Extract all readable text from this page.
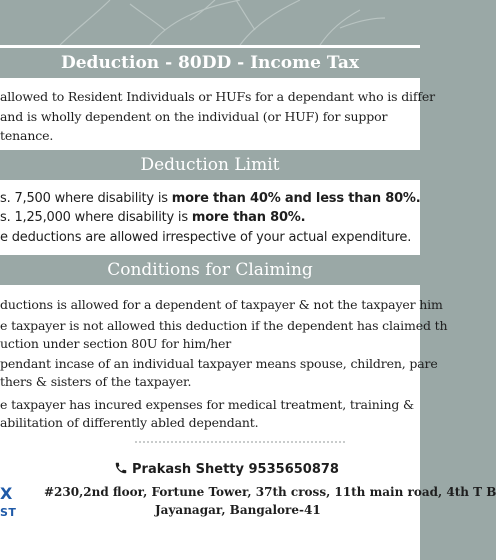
Deduction - 80DD - Income Tax
allowed to Resident Individuals or HUFs for a dependant who is differ
and is wholly dependent on the individual (or HUF) for suppor
tenance.
Deduction Limit
s. 7,500 where disability is more than 40% and less than 80%.
s. 1,25,000 where disability is more than 80%.
e deductions are allowed irrespective of your actual expenditure.
Conditions for Claiming
ductions is allowed for a dependent of taxpayer & not the taxpayer him
e taxpayer is not allowed this deduction if the dependent has claimed th
uction under section 80U for him/her
pendant incase of an individual taxpayer means spouse, children, pare
thers & sisters of the taxpayer.
e taxpayer has incured expenses for medical treatment, training &
abilitation of differently abled dependant.
Prakash Shetty 9535650878
#230,2nd floor, Fortune Tower, 37th cross, 11th main road, 4th T B
Jayanagar, Bangalore-41
X
ST
